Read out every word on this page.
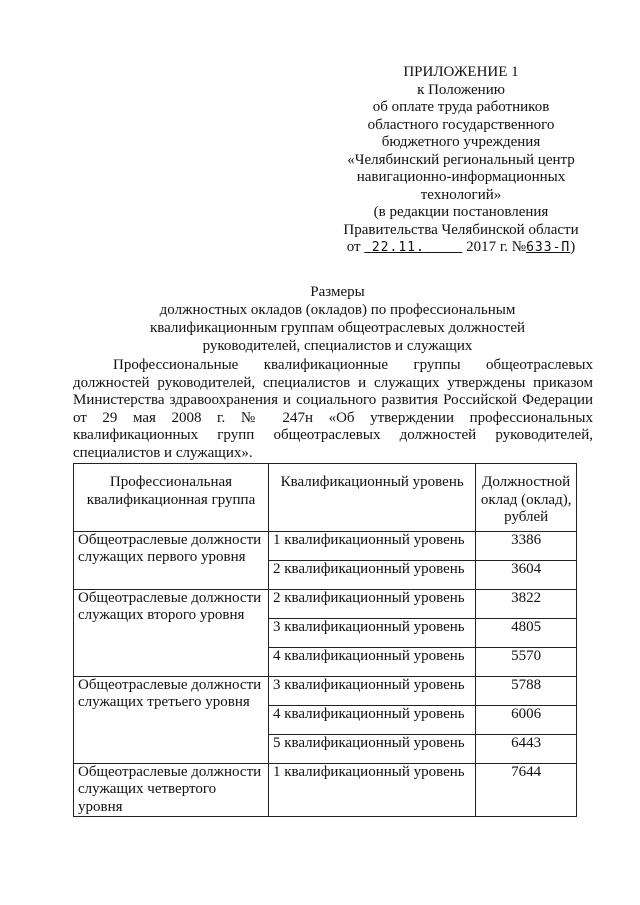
ПРИЛОЖЕНИЕ 1
к Положению
об оплате труда работников
областного государственного
бюджетного учреждения
«Челябинский региональный центр
навигационно-информационных
технологий»
(в редакции постановления
Правительства Челябинской области
от 22.11.	2017 г. №633-П)
Размеры
должностных окладов (окладов) по профессиональным
квалификационным группам общеотраслевых должностей
руководителей, специалистов и служащих
Профессиональные квалификационные группы общеотраслевых
должностей руководителей, специалистов и служащих утверждены приказом
Министерства здравоохранения и социального развития Российской Федерации
от 29 мая 2008 г. № 247н «Об утверждении профессиональных
квалификационных групп общеотраслевых должностей руководителей,
специалистов и служащих».
Профессиональная квалификационная группа	Квалификационный уровень	Должностной оклад (оклад), рублей
Общеотраслевые должности служащих первого уровня	1 квалификационный уровень	3386
	2 квалификационный уровень	3604
Общеотраслевые должности служащих второго уровня	2 квалификационный уровень	3822
	3 квалификационный уровень	4805
	4 квалификационный уровень	5570
Общеотраслевые должности служащих третьего уровня	3 квалификационный уровень	5788
	4 квалификационный уровень	6006
	5 квалификационный уровень	6443
Общеотраслевые должности служащих четвертого уровня	1 квалификационный уровень	7644
